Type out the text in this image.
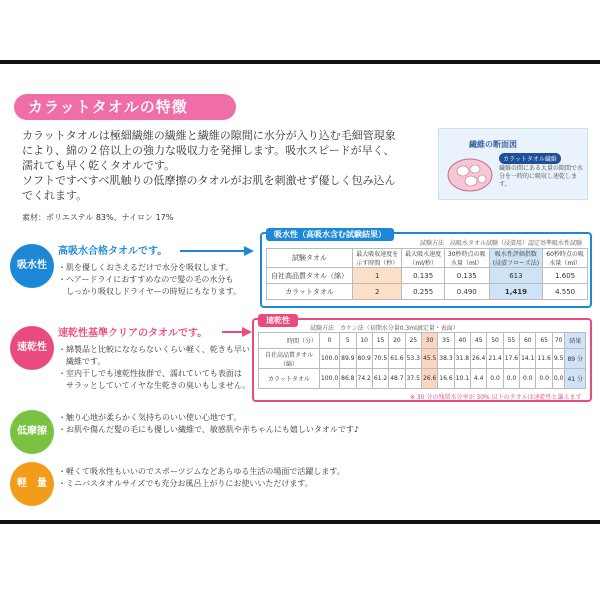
カラットタオルの特徴
カラットタオルは極細繊維の繊維と繊維の隙間に水分が入り込む毛細管現象
により、綿の２倍以上の強力な吸収力を発揮します。吸水スピードが早く、
濡れても早く乾くタオルです。
ソフトですべすべ肌触りの低摩擦のタオルがお肌を刺激せず優しく包み込ん
でくれます。
繊維の断面図
カラットタオル繊維
繊維の間にある大量の隙間で水分を一時的に吸収し速乾します。
素材：ポリエステル 83%、ナイロン 17%
吸水性
高吸水合格タオルです。
・肌を優しくおさえるだけで水分を吸収します。
・ヘアードライにおすすめなので髪の毛の水分も
　しっかり吸収しドライヤーの時短にもなります。
吸水性（高吸水含む試験結果）
試験方法　高吸水タオル試験（浸漬用）認定基準吸水性試験
試験タオル	最大吸収速度を示す時間（秒）	最大吸水速度（ml/秒）	30秒時点の吸水量（ml）	吸水性評価指数(浸漬フローズ法)	60秒時点の吸水量（ml）
自社高品質タオル（綿）	1	0.135	0.135	613	1.605
カラットタオル	2	0.255	0.490	1,419	4.550
速乾性
速乾性基準クリアのタオルです。
・綿製品と比較になならないくらい軽く、乾きも早い
　繊維です。
・室内干しでも速乾性抜群で、濡れていても表面は
　サラッとしていてイヤな生乾きの臭いもしません。
速乾性
試験方法　カケン法（初期水分量0.3ml滴定量・表面）
時間（分）	0	5	10	15	20	25	30	35	40	45	50	55	60	65	70	結果
自社高品質タオル（綿）	100.0	89.9	80.9	70.5	61.6	53.3	45.5	38.3	31.8	26.4	21.4	17.6	14.1	11.6	9.5	89 分
カラットタオル	100.0	86.8	74.2	61.2	48.7	37.5	26.6	16.6	10.1	4.4	0.0	0.0	0.0	0.0	0.0	41 分
※ 30 分の残留水分率が 30% 以下のタオルは速乾性と謳えます
低摩擦
・触り心地が柔らかく気持ちのいい使い心地です。
・お肌や傷んだ髪の毛にも優しい繊維で、敏感肌や赤ちゃんにも嬉しいタオルです♪
軽　量
・軽くて吸水性もいいのでスポーツジムなどあらゆる生活の場面で活躍します。
・ミニバスタオルサイズでも充分お風呂上がりにお使いいただけます。
